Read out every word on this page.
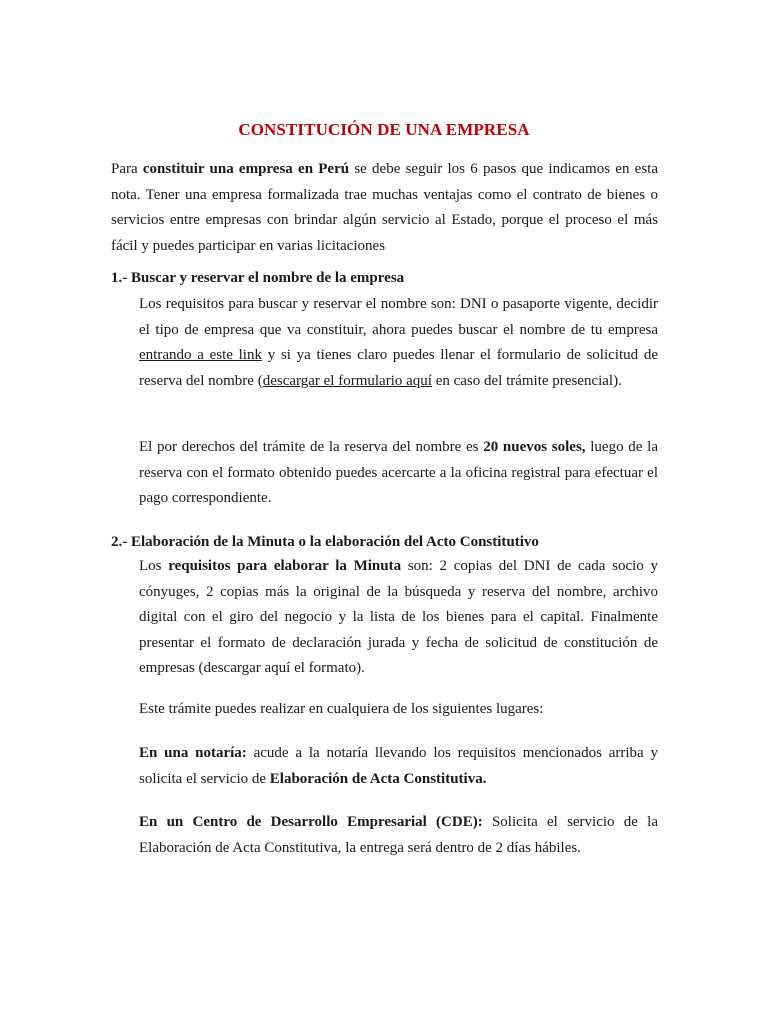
CONSTITUCIÓN DE UNA EMPRESA

Para constituir una empresa en Perú se debe seguir los 6 pasos que indicamos en esta nota. Tener una empresa formalizada trae muchas ventajas como el contrato de bienes o servicios entre empresas con brindar algún servicio al Estado, porque el proceso el más fácil y puedes participar en varias licitaciones

1.- Buscar y reservar el nombre de la empresa

Los requisitos para buscar y reservar el nombre son: DNI o pasaporte vigente, decidir el tipo de empresa que va constituir, ahora puedes buscar el nombre de tu empresa entrando a este link y si ya tienes claro puedes llenar el formulario de solicitud de reserva del nombre (descargar el formulario aquí en caso del trámite presencial).

El por derechos del trámite de la reserva del nombre es 20 nuevos soles, luego de la reserva con el formato obtenido puedes acercarte a la oficina registral para efectuar el pago correspondiente.

2.- Elaboración de la Minuta o la elaboración del Acto Constitutivo

Los requisitos para elaborar la Minuta son: 2 copias del DNI de cada socio y cónyuges, 2 copias más la original de la búsqueda y reserva del nombre, archivo digital con el giro del negocio y la lista de los bienes para el capital. Finalmente presentar el formato de declaración jurada y fecha de solicitud de constitución de empresas (descargar aquí el formato).

Este trámite puedes realizar en cualquiera de los siguientes lugares:

En una notaría: acude a la notaría llevando los requisitos mencionados arriba y solicita el servicio de Elaboración de Acta Constitutiva.

En un Centro de Desarrollo Empresarial (CDE): Solicita el servicio de la Elaboración de Acta Constitutiva, la entrega será dentro de 2 días hábiles.
